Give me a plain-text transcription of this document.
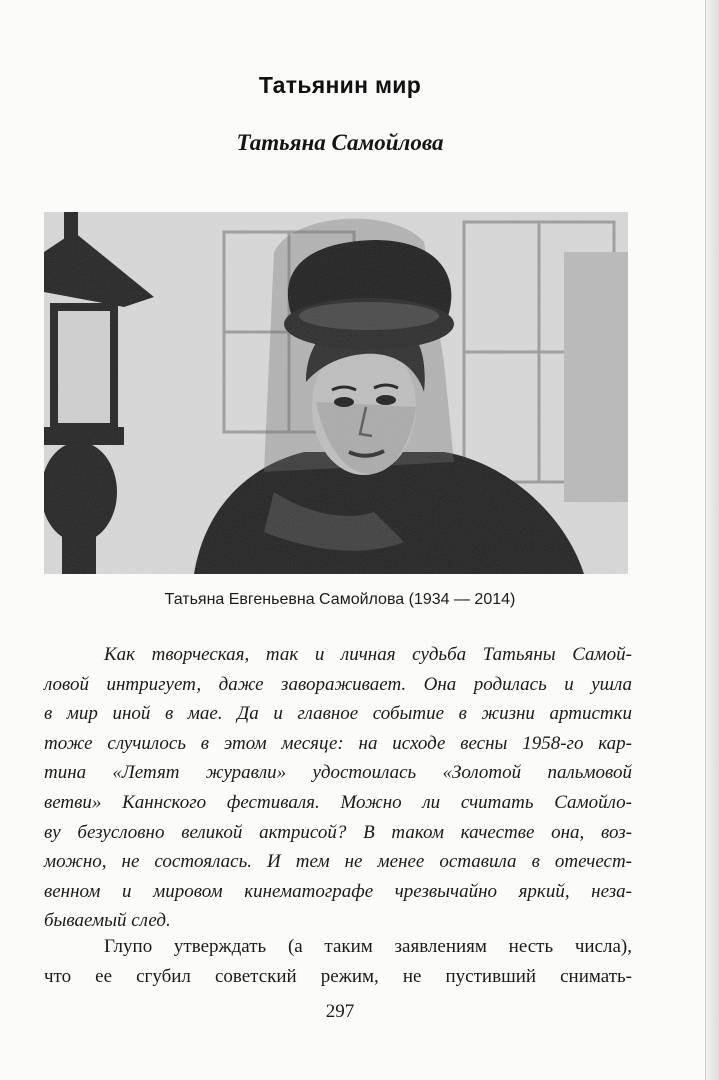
Татьянин мир
Татьяна Самойлова
Татьяна Евгеньевна Самойлова (1934 — 2014)
Как творческая, так и личная судьба Татьяны Самой-
ловой интригует, даже завораживает. Она родилась и ушла
в мир иной в мае. Да и главное событие в жизни артистки
тоже случилось в этом месяце: на исходе весны 1958-го кар-
тина «Летят журавли» удостоилась «Золотой пальмовой
ветви» Каннского фестиваля. Можно ли считать Самойло-
ву безусловно великой актрисой? В таком качестве она, воз-
можно, не состоялась. И тем не менее оставила в отечест-
венном и мировом кинематографе чрезвычайно яркий, неза-
бываемый след.
Глупо утверждать (а таким заявлениям несть числа),
что ее сгубил советский режим, не пустивший снимать-
297
